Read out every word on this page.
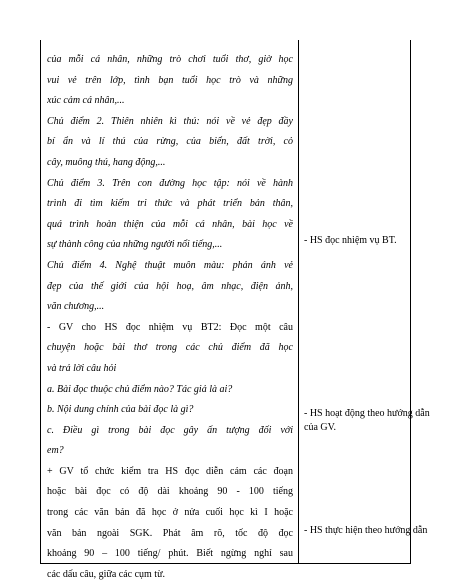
của mỗi cá nhân, những trò chơi tuổi thơ, giờ học
vui vẻ trên lớp, tình bạn tuổi học trò và những
xúc cảm cá nhân,...
Chủ điểm 2. Thiên nhiên kì thú: nói về vẻ đẹp đầy
bí ẩn và lí thú của rừng, của biển, đất trời, cỏ
cây, muông thú, hang động,...
Chủ điểm 3. Trên con đường học tập: nói về hành
trình đi tìm kiếm tri thức và phát triển bản thân,
quá trình hoàn thiện của mỗi cá nhân, bài học về
sự thành công của những người nổi tiếng,...
Chủ điểm 4. Nghệ thuật muôn màu: phản ánh vẻ
đẹp của thế giới của hội hoạ, âm nhạc, điện ảnh,
văn chương,...
- GV cho HS đọc nhiệm vụ BT2: Đọc một câu
chuyện hoặc bài thơ trong các chủ điểm đã học
và trả lời câu hỏi
a. Bài đọc thuộc chủ điểm nào? Tác giả là ai?
b. Nội dung chính của bài đọc là gì?
c. Điều gì trong bài đọc gây ấn tượng đối với
em?
+ GV tổ chức kiểm tra HS đọc diễn cảm các đoạn
hoặc bài đọc có độ dài khoảng 90 - 100 tiếng
trong các văn bản đã học ở nửa cuối học kì I hoặc
văn bản ngoài SGK. Phát âm rõ, tốc độ đọc
khoảng 90 – 100 tiếng/ phút. Biết ngừng nghỉ sau
các dấu câu, giữa các cụm từ.
- HS đọc nhiệm vụ BT.
- HS hoạt động theo hướng dẫn
của GV.
- HS thực hiện theo hướng dẫn
